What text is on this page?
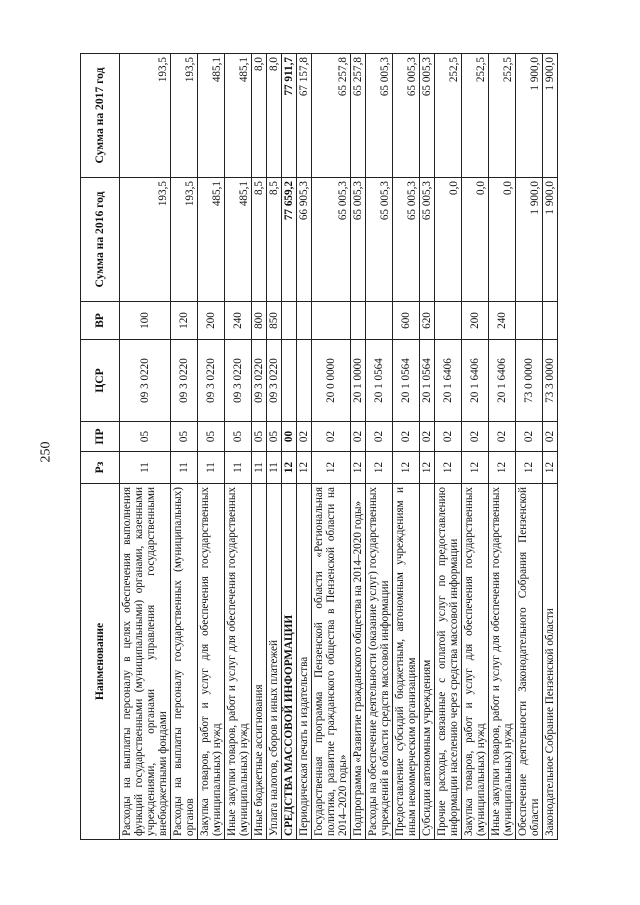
250
Наименование	Рз	ПР	ЦСР	ВР	Сумма на 2016 год	Сумма на 2017 год
Расходы на выплаты персоналу в целях обеспечения выполнения функций государственными (муниципальными) органами, казенными учреждениями, органами управления государственными внебюджетными фондами	11	05	09 3 0220	100	193,5	193,5
Расходы на выплаты персоналу государственных (муниципальных) органов	11	05	09 3 0220	120	193,5	193,5
Закупка товаров, работ и услуг для обеспечения государственных (муниципальных) нужд	11	05	09 3 0220	200	485,1	485,1
Иные закупки товаров, работ и услуг для обеспечения государственных (муниципальных) нужд	11	05	09 3 0220	240	485,1	485,1
Иные бюджетные ассигнования	11	05	09 3 0220	800	8,5	8,0
Уплата налогов, сборов и иных платежей	11	05	09 3 0220	850	8,5	8,0
СРЕДСТВА МАССОВОЙ ИНФОРМАЦИИ	12	00			77 659,2	77 911,7
Периодическая печать и издательства	12	02			66 905,3	67 157,8
Государственная программа Пензенской области «Региональная политика, развитие гражданского общества в Пензенской области на 2014–2020 годы»	12	02	20 0 0000		65 005,3	65 257,8
Подпрограмма «Развитие гражданского общества на 2014–2020 годы»	12	02	20 1 0000		65 005,3	65 257,8
Расходы на обеспечение деятельности (оказание услуг) государственных учреждений в области средств массовой информации	12	02	20 1 0564		65 005,3	65 005,3
Предоставление субсидий бюджетным, автономным учреждениям и иным некоммерческим организациям	12	02	20 1 0564	600	65 005,3	65 005,3
Субсидии автономным учреждениям	12	02	20 1 0564	620	65 005,3	65 005,3
Прочие расходы, связанные с оплатой услуг по предоставлению информации населению через средства массовой информации	12	02	20 1 6406		0,0	252,5
Закупка товаров, работ и услуг для обеспечения государственных (муниципальных) нужд	12	02	20 1 6406	200	0,0	252,5
Иные закупки товаров, работ и услуг для обеспечения государственных (муниципальных) нужд	12	02	20 1 6406	240	0,0	252,5
Обеспечение деятельности Законодательного Собрания Пензенской области	12	02	73 0 0000		1 900,0	1 900,0
Законодательное Собрание Пензенской области	12	02	73 3 0000		1 900,0	1 900,0
